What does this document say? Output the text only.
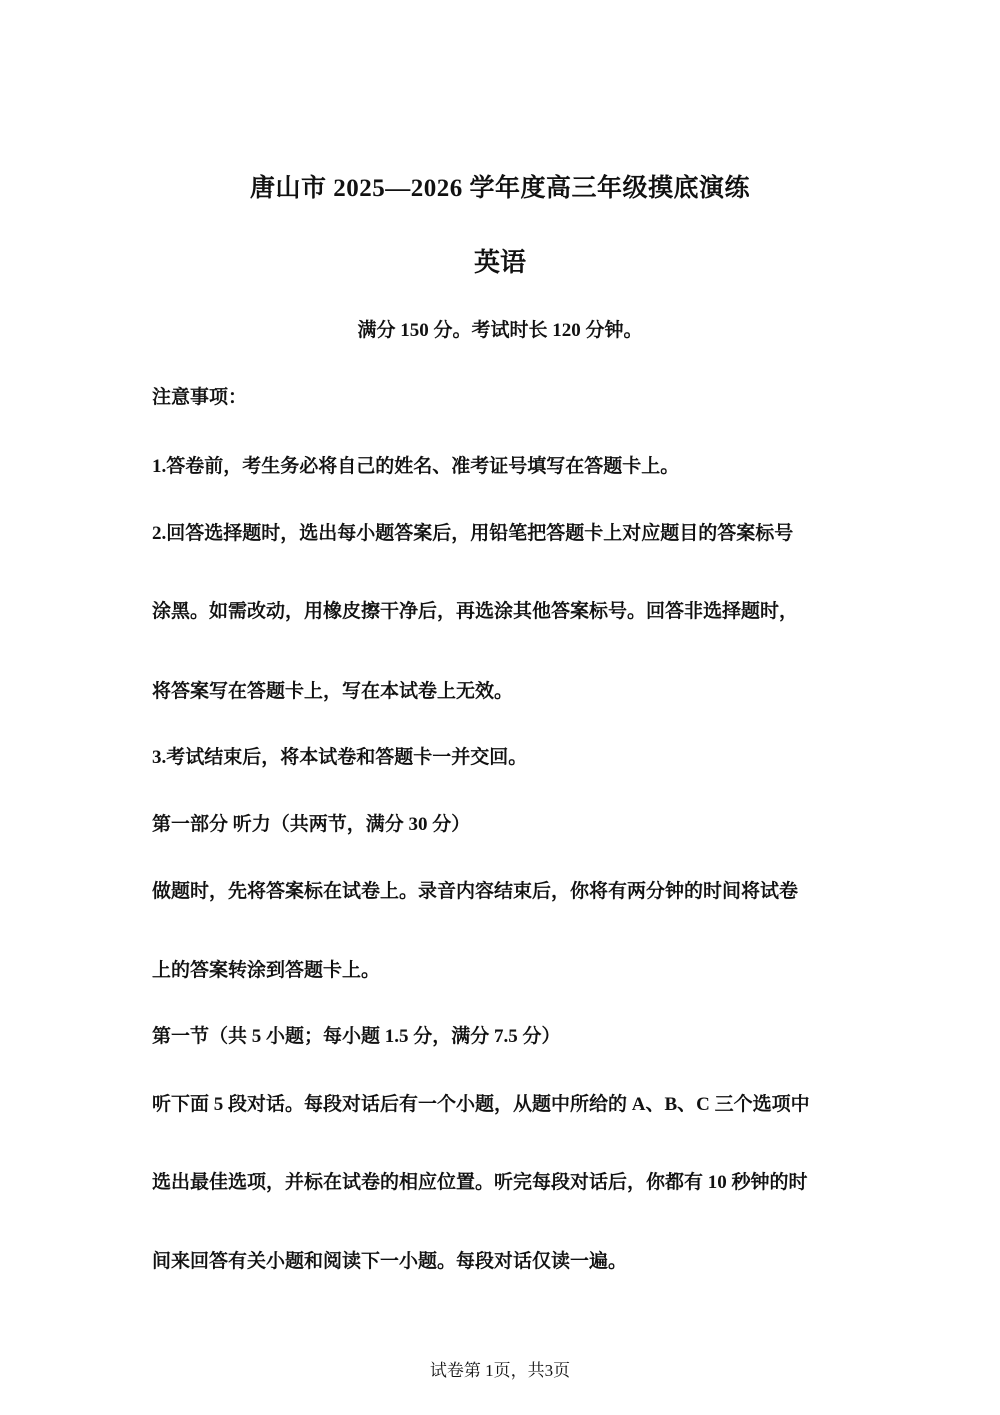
唐山市 2025—2026 学年度高三年级摸底演练
英语
满分 150 分。考试时长 120 分钟。
注意事项：
1.答卷前，考生务必将自己的姓名、准考证号填写在答题卡上。
2.回答选择题时，选出每小题答案后，用铅笔把答题卡上对应题目的答案标号
涂黑。如需改动，用橡皮擦干净后，再选涂其他答案标号。回答非选择题时，
将答案写在答题卡上，写在本试卷上无效。
3.考试结束后，将本试卷和答题卡一并交回。
第一部分 听力（共两节，满分 30 分）
做题时，先将答案标在试卷上。录音内容结束后，你将有两分钟的时间将试卷
上的答案转涂到答题卡上。
第一节（共 5 小题；每小题 1.5 分，满分 7.5 分）
听下面 5 段对话。每段对话后有一个小题，从题中所给的 A、B、C 三个选项中
选出最佳选项，并标在试卷的相应位置。听完每段对话后，你都有 10 秒钟的时
间来回答有关小题和阅读下一小题。每段对话仅读一遍。
试卷第 1页，共3页
